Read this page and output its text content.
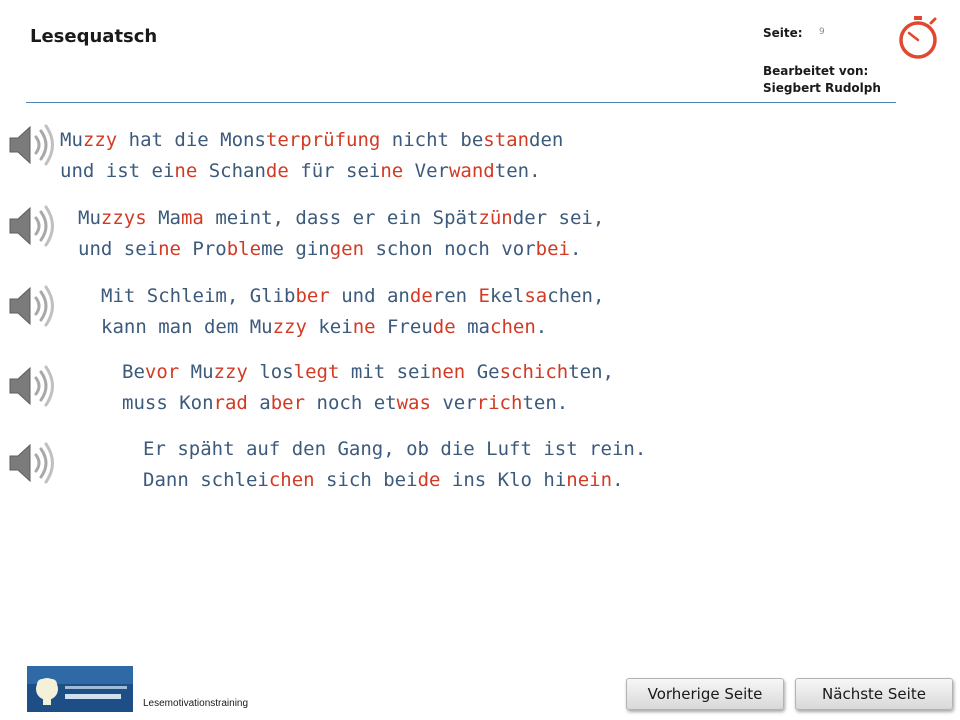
Lesequatsch	Seite: 9
Bearbeitet von:
Siegbert Rudolph
Muzzy hat die Monsterprüfung nicht bestanden
und ist eine Schande für seine Verwandten.
Muzzys Mama meint, dass er ein Spätzünder sei,
und seine Probleme gingen schon noch vorbei.
Mit Schleim, Glibber und anderen Ekelsachen,
kann man dem Muzzy keine Freude machen.
Bevor Muzzy loslegt mit seinen Geschichten,
muss Konrad aber noch etwas verrichten.
Er späht auf den Gang, ob die Luft ist rein.
Dann schleichen sich beide ins Klo hinein.
Lesemotivationstraining
Vorherige Seite	Nächste Seite
